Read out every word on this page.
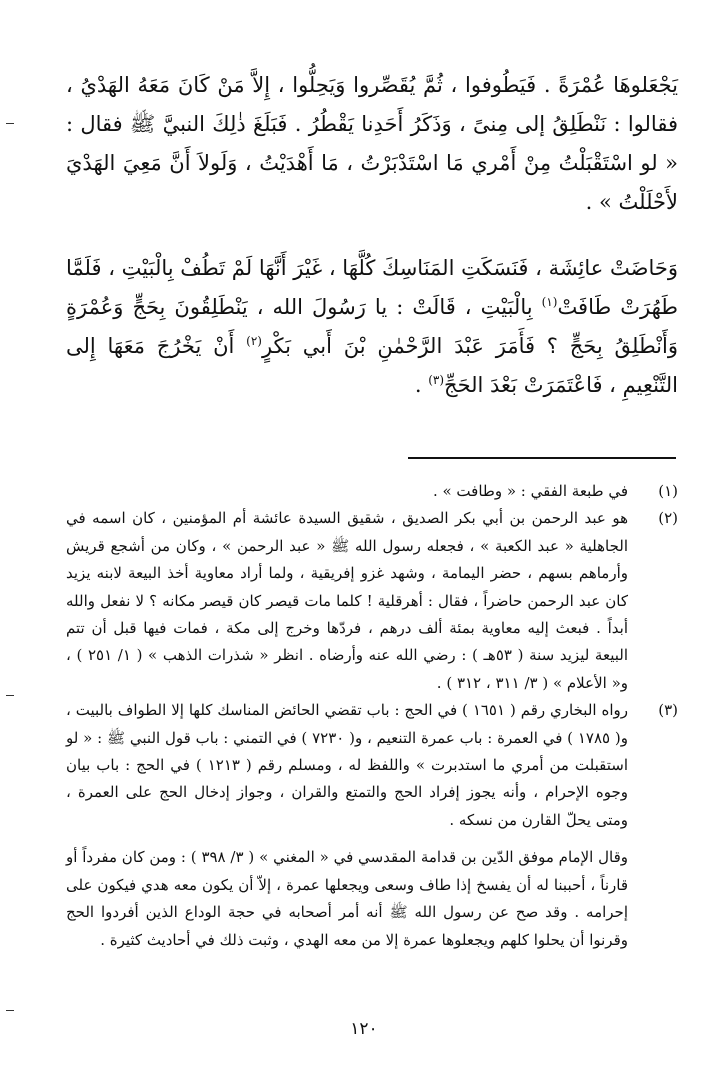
يَجْعَلوهَا عُمْرَةً . فَيَطُوفوا ، ثُمَّ يُقَصِّروا وَيَحِلُّوا ، إِلاَّ مَنْ كَانَ مَعَهُ الهَدْيُ ، فقالوا : نَنْطَلِقُ إلى مِنىً ، وَذَكَرُ أَحَدِنا يَقْطُرُ . فَبَلَغَ ذٰلِكَ النبيَّ ﷺ فقال : « لو اسْتَقْبَلْتُ مِنْ أَمْري مَا اسْتَدْبَرْتُ ، مَا أَهْدَيْتُ ، وَلَولاَ أَنَّ مَعِيَ الهَدْيَ لأَحْلَلْتُ » .

وَحَاضَتْ عائِشَة ، فَنَسَكَتِ المَنَاسِكَ كُلَّهَا ، غَيْرَ أَنَّهَا لَمْ تَطُفْ بِالْبَيْتِ ، فَلَمَّا طَهُرَتْ طَافَتْ$^{(١)}$ بِالْبَيْتِ ، قَالَتْ : يا رَسُولَ الله ، يَنْطَلِقُونَ بِحَجٍّ وَعُمْرَةٍ وَأَنْطَلِقُ بِحَجٍّ ؟ فَأَمَرَ عَبْدَ الرَّحْمٰنِ بْنَ أَبي بَكْرٍ$^{(٢)}$ أَنْ يَخْرُجَ مَعَهَا إِلى التَّنْعِيمِ ، فَاعْتَمَرَتْ بَعْدَ الحَجِّ$^{(٣)}$ .

(١)

في طبعة الفقي : « وطافت » .

(٢)

هو عبد الرحمن بن أبي بكر الصديق ، شقيق السيدة عائشة أم المؤمنين ، كان اسمه في الجاهلية « عبد الكعبة » ، فجعله رسول الله ﷺ « عبد الرحمن » ، وكان من أشجع قريش وأرماهم بسهم ، حضر اليمامة ، وشهد غزو إفريقية ، ولما أراد معاوية أخذ البيعة لابنه يزيد كان عبد الرحمن حاضراً ، فقال : أهرقلية ! كلما مات قيصر كان قيصر مكانه ؟ لا نفعل والله أبداً . فبعث إليه معاوية بمئة ألف درهم ، فردّها وخرج إلى مكة ، فمات فيها قبل أن تتم البيعة ليزيد سنة ( ٥٣هـ ) : رضي الله عنه وأرضاه . انظر « شذرات الذهب » ( ١/ ٢٥١ ) ، و« الأعلام » ( ٣/ ٣١١ ، ٣١٢ ) .

(٣)

رواه البخاري رقم ( ١٦٥١ ) في الحج : باب تقضي الحائض المناسك كلها إلا الطواف بالبيت ، و( ١٧٨٥ ) في العمرة : باب عمرة التنعيم ، و( ٧٢٣٠ ) في التمني : باب قول النبي ﷺ : « لو استقبلت من أمري ما استدبرت » واللفظ له ، ومسلم رقم ( ١٢١٣ ) في الحج : باب بيان وجوه الإحرام ، وأنه يجوز إفراد الحج والتمتع والقران ، وجواز إدخال الحج على العمرة ، ومتى يحلّ القارن من نسكه .

وقال الإمام موفق الدّين بن قدامة المقدسي في « المغني » ( ٣/ ٣٩٨ ) : ومن كان مفرداً أو قارناً ، أحببنا له أن يفسخ إذا طاف وسعى ويجعلها عمرة ، إلاّ أن يكون معه هدي فيكون على إحرامه . وقد صح عن رسول الله ﷺ أنه أمر أصحابه في حجة الوداع الذين أفردوا الحج وقرنوا أن يحلوا كلهم ويجعلوها عمرة إلا من معه الهدي ، وثبت ذلك في أحاديث كثيرة .

١٢٠
